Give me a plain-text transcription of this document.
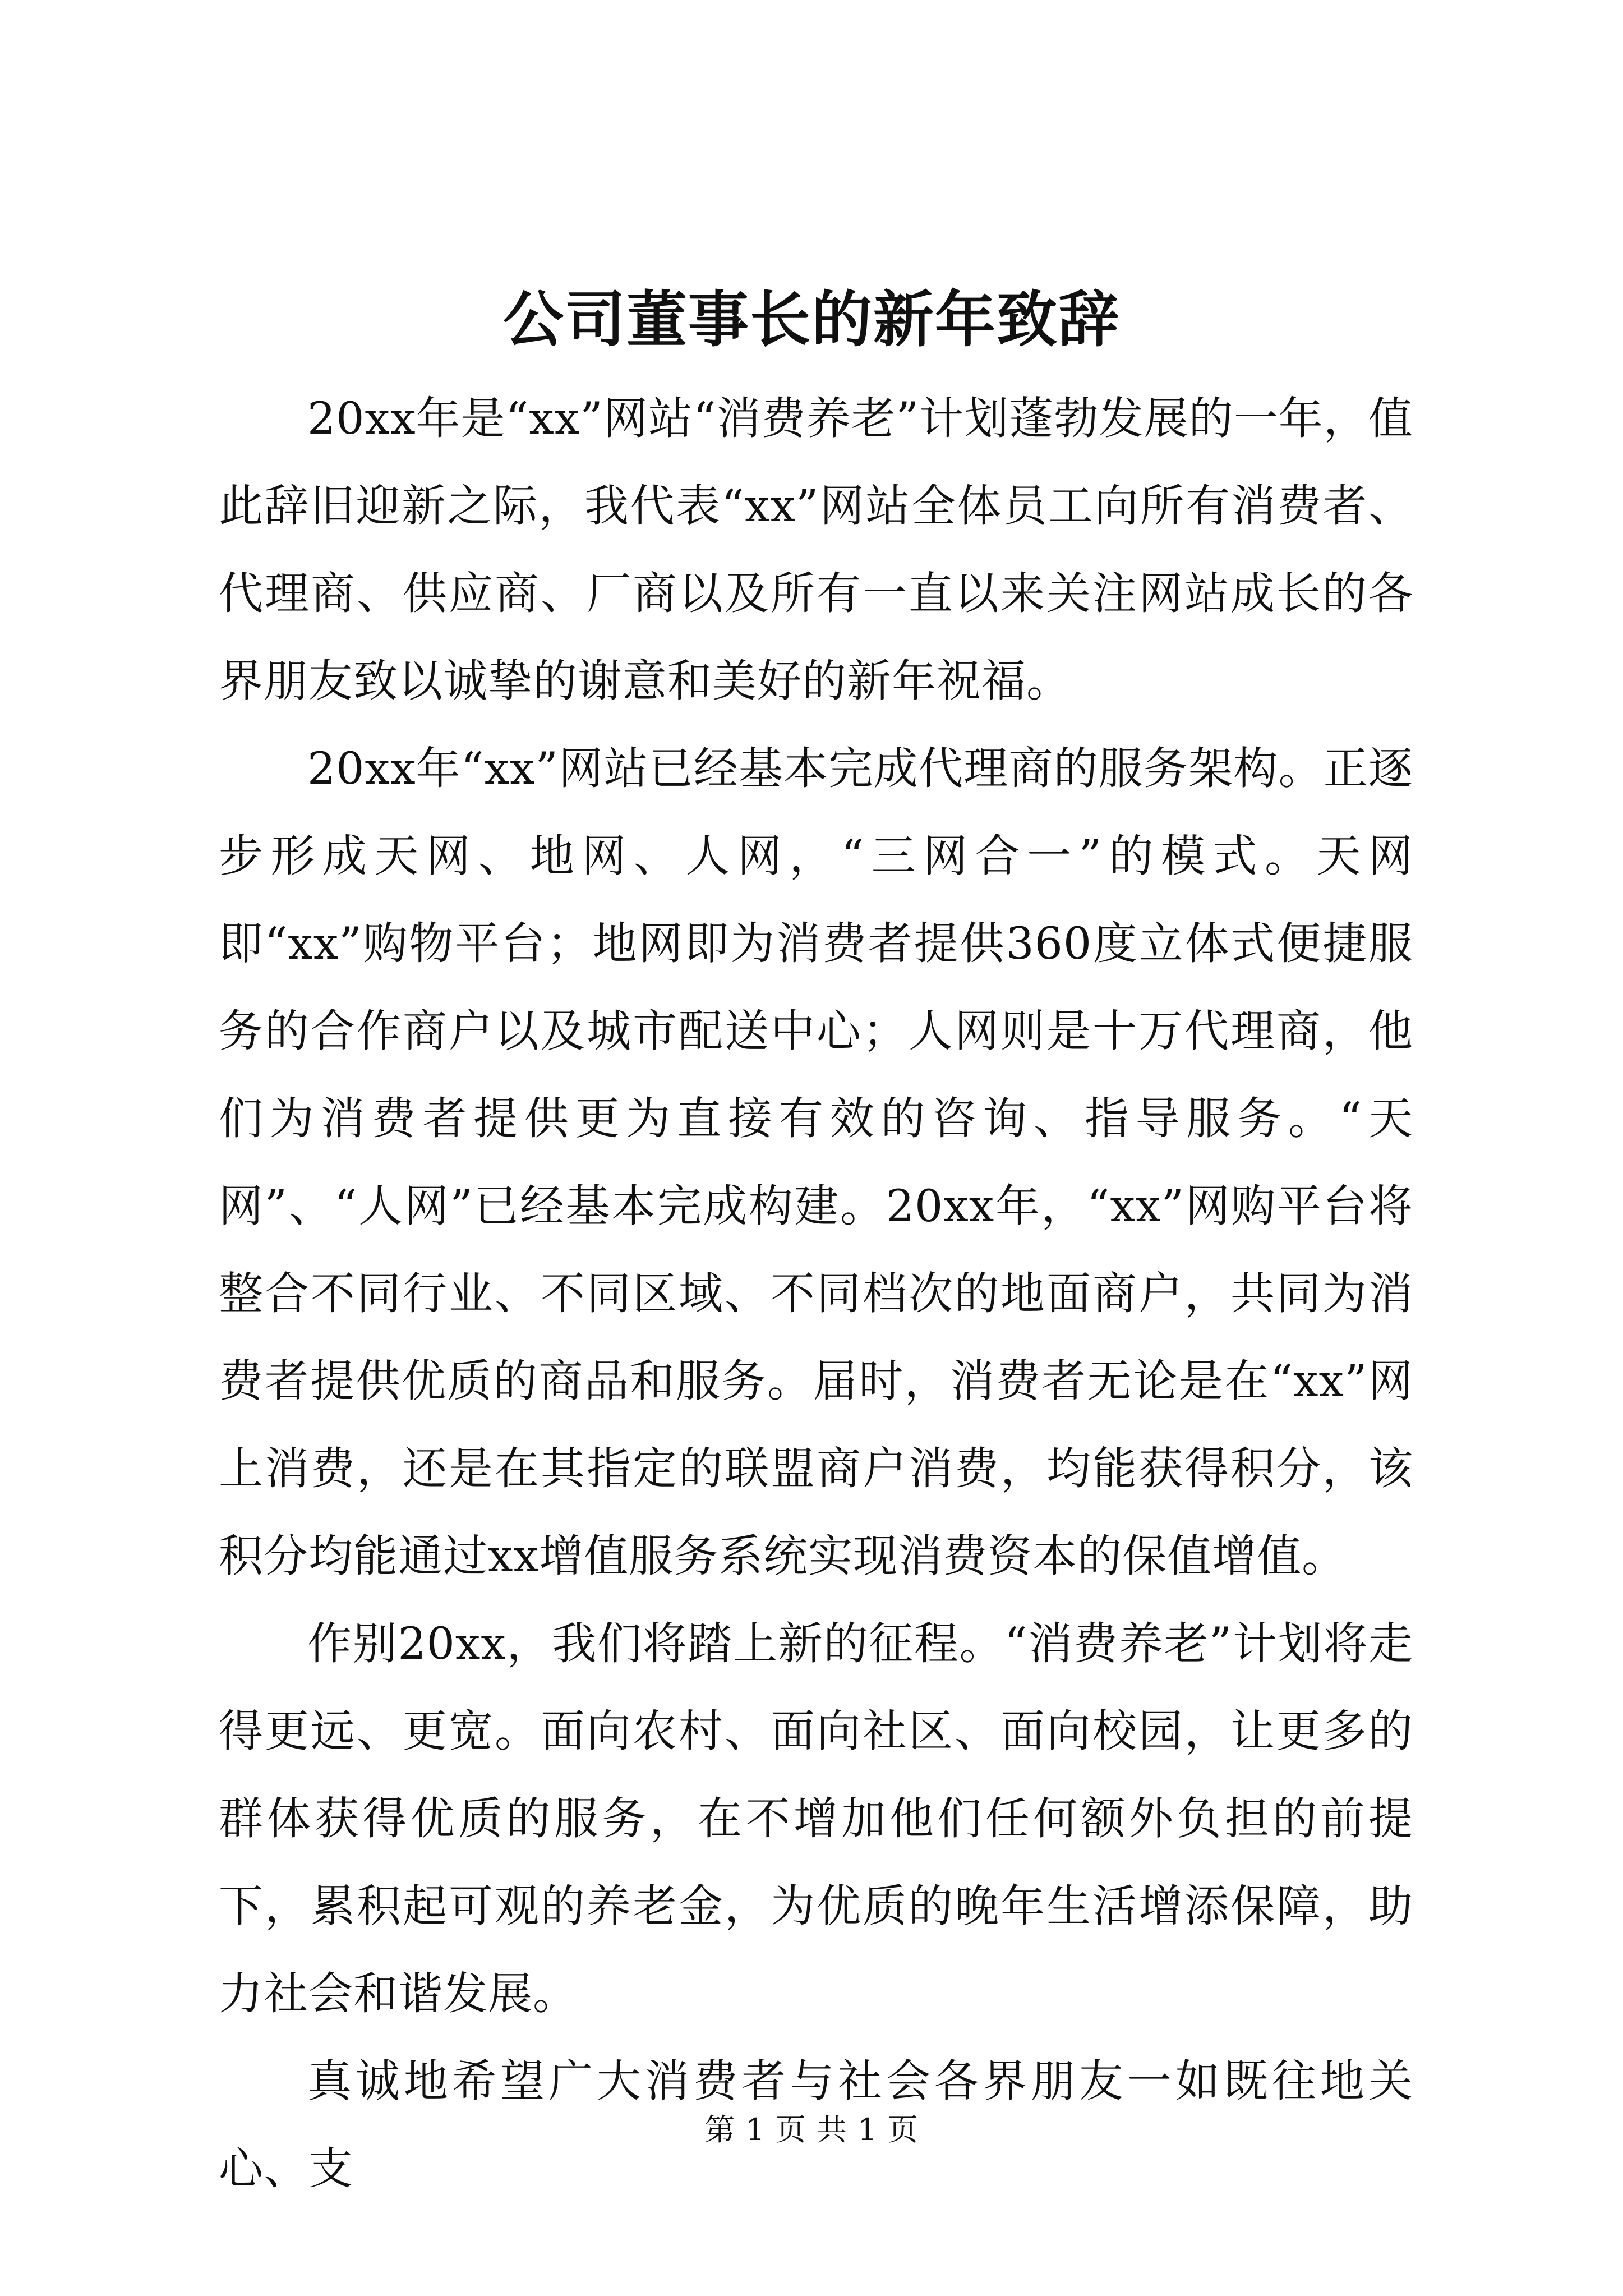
公司董事长的新年致辞

20xx年是“xx”网站“消费养老”计划蓬勃发展的一年，值此辞旧迎新之际，我代表“xx”网站全体员工向所有消费者、代理商、供应商、厂商以及所有一直以来关注网站成长的各界朋友致以诚挚的谢意和美好的新年祝福。

20xx年“xx”网站已经基本完成代理商的服务架构。正逐步形成天网、地网、人网，“三网合一”的模式。天网即“xx”购物平台；地网即为消费者提供360度立体式便捷服务的合作商户以及城市配送中心；人网则是十万代理商，他们为消费者提供更为直接有效的咨询、指导服务。“天网”、“人网”已经基本完成构建。20xx年，“xx”网购平台将整合不同行业、不同区域、不同档次的地面商户，共同为消费者提供优质的商品和服务。届时，消费者无论是在“xx”网上消费，还是在其指定的联盟商户消费，均能获得积分，该积分均能通过xx增值服务系统实现消费资本的保值增值。

作别20xx，我们将踏上新的征程。“消费养老”计划将走得更远、更宽。面向农村、面向社区、面向校园，让更多的群体获得优质的服务，在不增加他们任何额外负担的前提下，累积起可观的养老金，为优质的晚年生活增添保障，助力社会和谐发展。

真诚地希望广大消费者与社会各界朋友一如既往地关心、支

第 1 页 共 1 页
